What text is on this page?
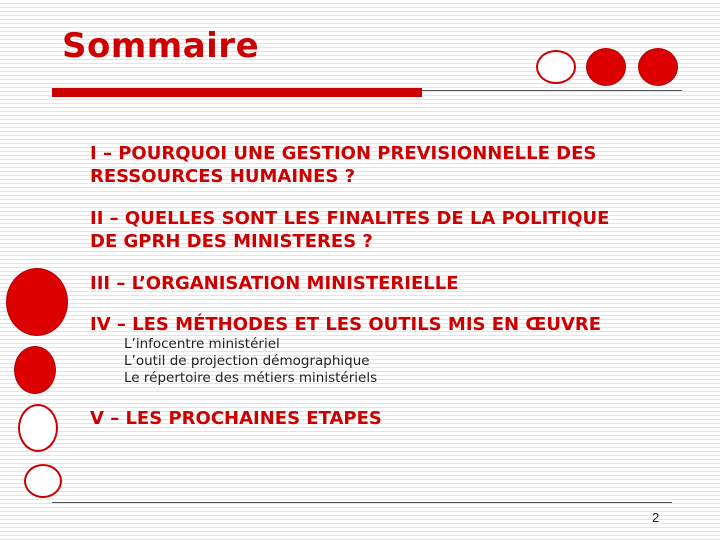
Sommaire
I – POURQUOI UNE GESTION PREVISIONNELLE DES
RESSOURCES HUMAINES ?
II – QUELLES SONT LES FINALITES DE LA POLITIQUE
DE GPRH DES MINISTERES ?
III – L’ORGANISATION MINISTERIELLE
IV – LES MÉTHODES ET LES OUTILS MIS EN ŒUVRE
L’infocentre ministériel
L’outil de projection démographique
Le répertoire des métiers ministériels
V – LES PROCHAINES ETAPES
2
